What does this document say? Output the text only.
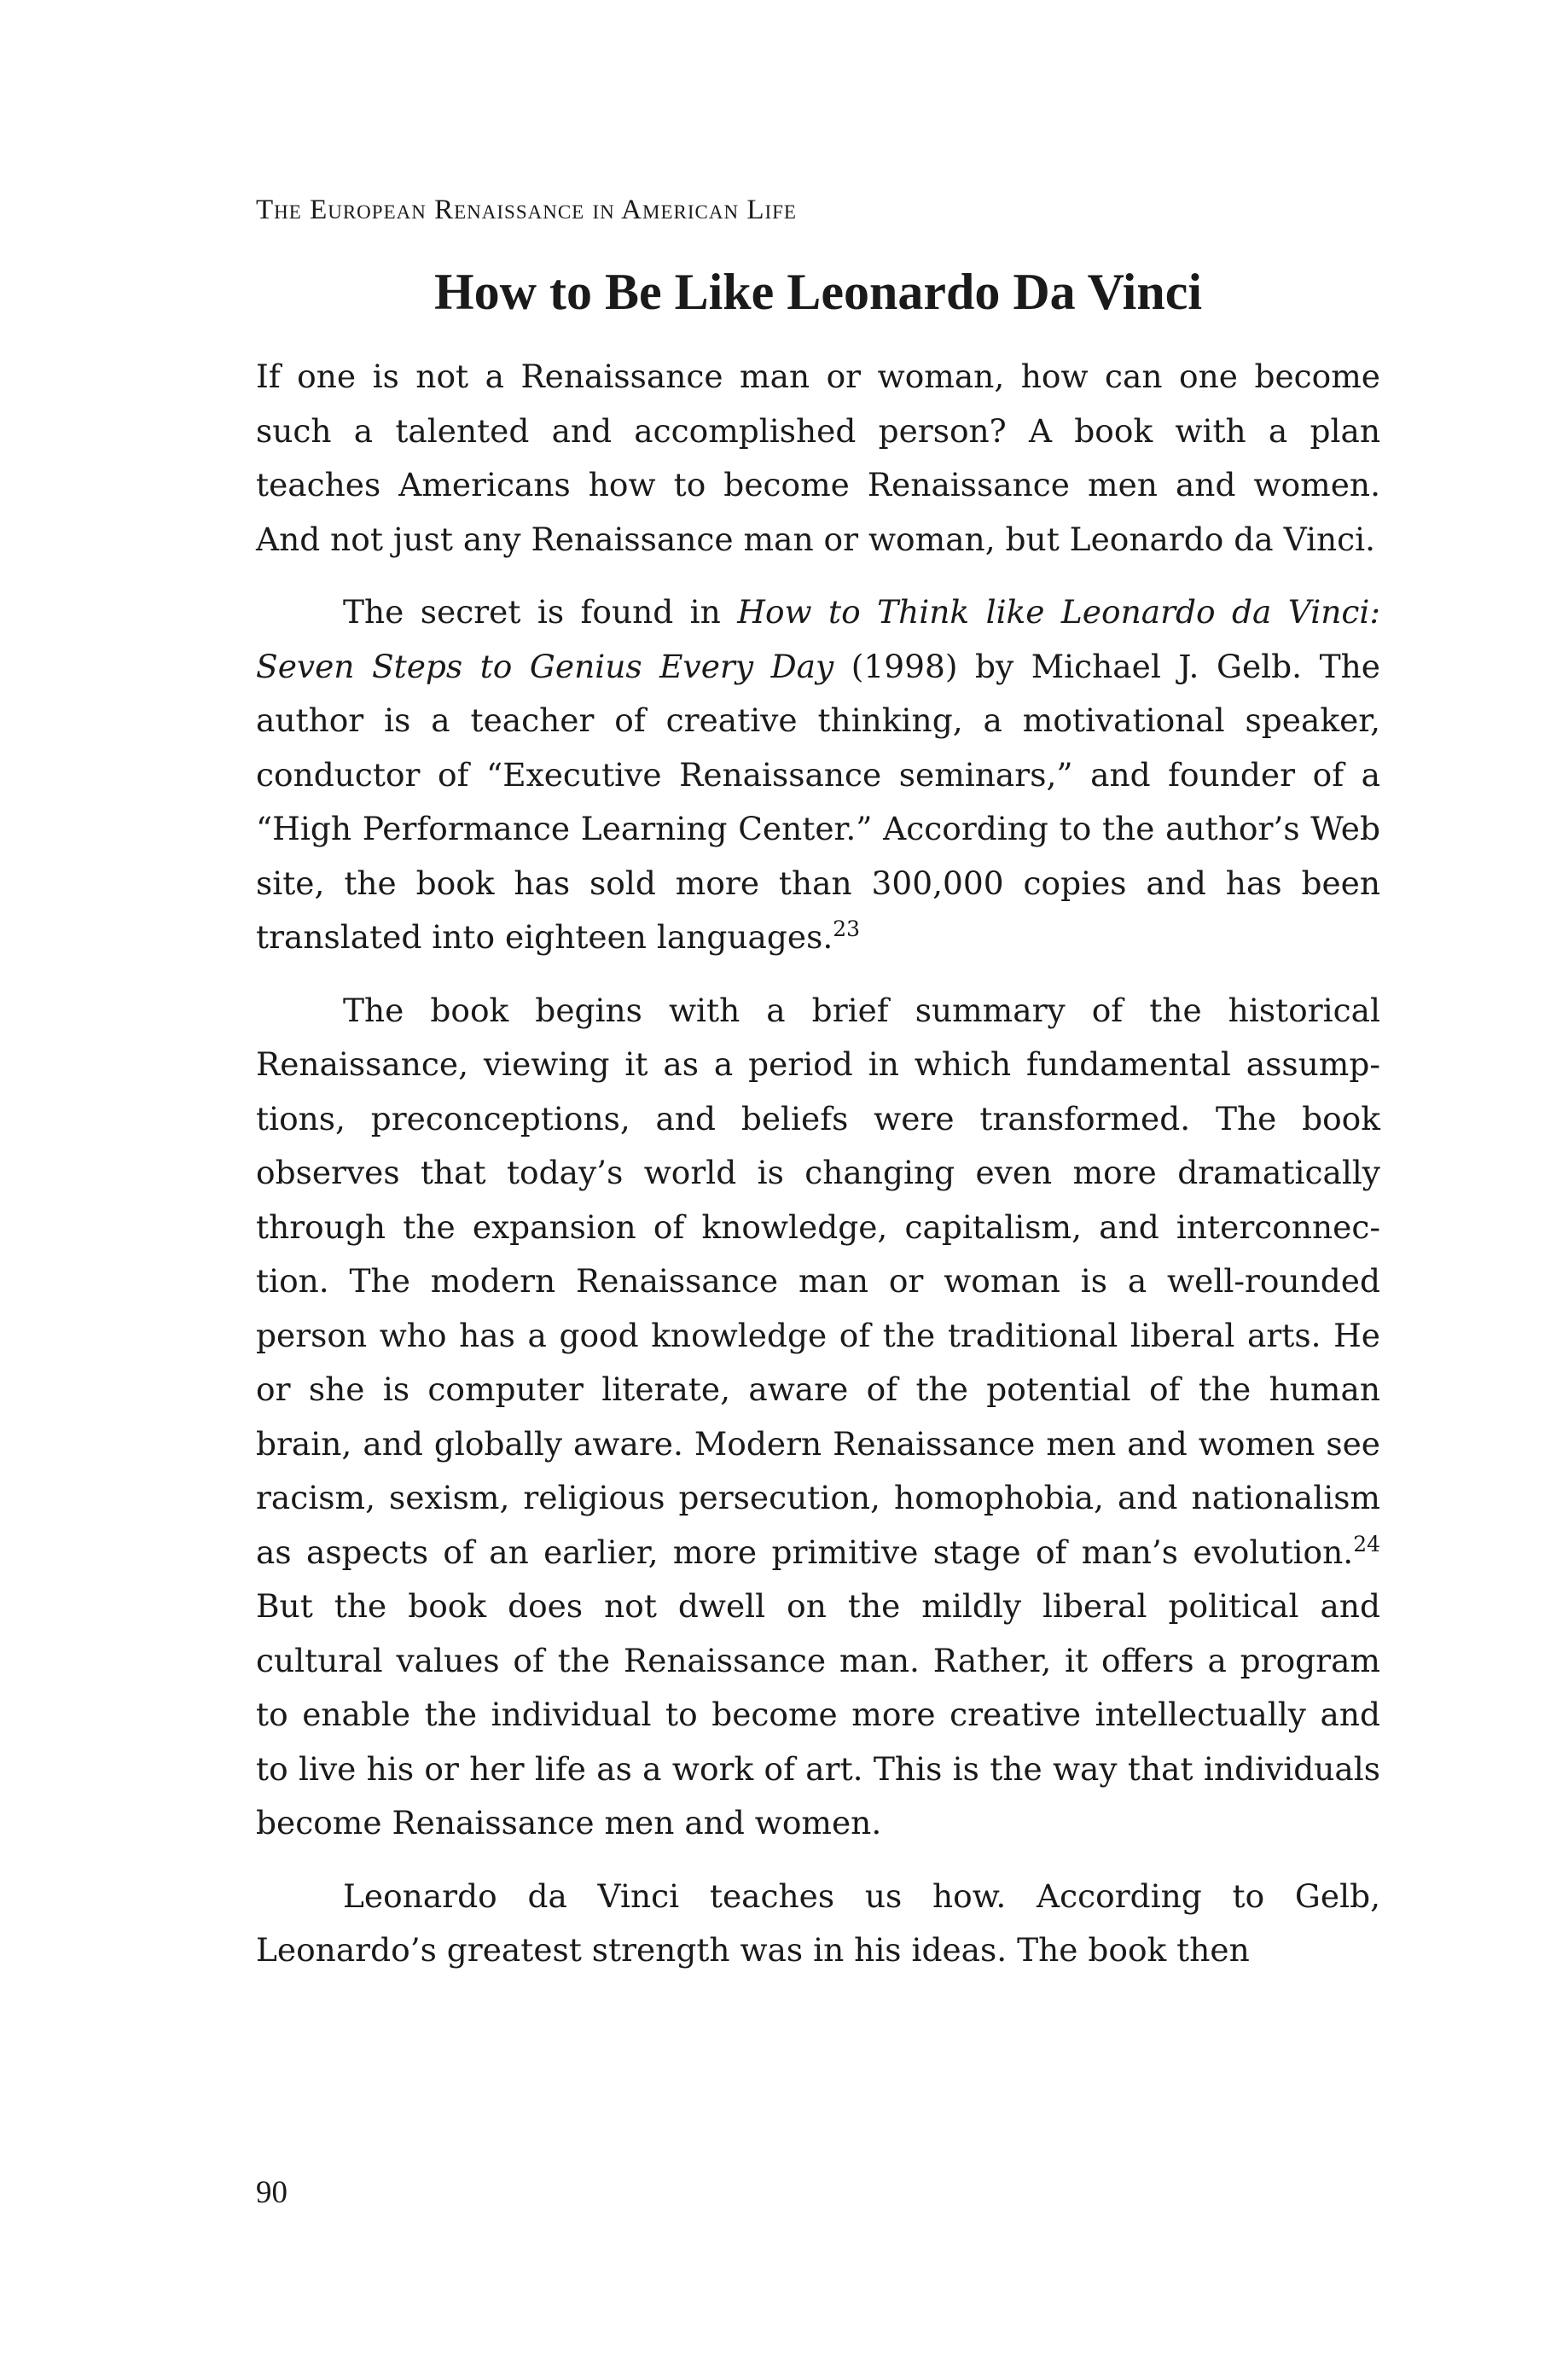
The European Renaissance in American Life
How to Be Like Leonardo Da Vinci

If one is not a Renaissance man or woman, how can one become such a talented and accomplished person? A book with a plan teaches Americans how to become Renaissance men and women. And not just any Renaissance man or woman, but Leonardo da Vinci.

The secret is found in How to Think like Leonardo da Vinci: Seven Steps to Genius Every Day (1998) by Michael J. Gelb. The author is a teacher of creative thinking, a motivational speaker, conductor of “Executive Renaissance seminars,” and founder of a “High Performance Learning Center.” According to the author’s Web site, the book has sold more than 300,000 copies and has been translated into eighteen languages.$^{23}$

The book begins with a brief summary of the historical Renaissance, viewing it as a period in which fundamental assumptions, preconceptions, and beliefs were transformed. The book observes that today’s world is changing even more dramatically through the expansion of knowledge, capitalism, and interconnection. The modern Renaissance man or woman is a well-rounded person who has a good knowledge of the traditional liberal arts. He or she is computer literate, aware of the potential of the human brain, and globally aware. Modern Renaissance men and women see racism, sexism, religious persecution, homophobia, and nationalism as aspects of an earlier, more primitive stage of man’s evolution.$^{24}$ But the book does not dwell on the mildly liberal political and cultural values of the Renaissance man. Rather, it offers a program to enable the individual to become more creative intellectually and to live his or her life as a work of art. This is the way that individuals become Renaissance men and women.

Leonardo da Vinci teaches us how. According to Gelb, Leonardo’s greatest strength was in his ideas. The book then

90
